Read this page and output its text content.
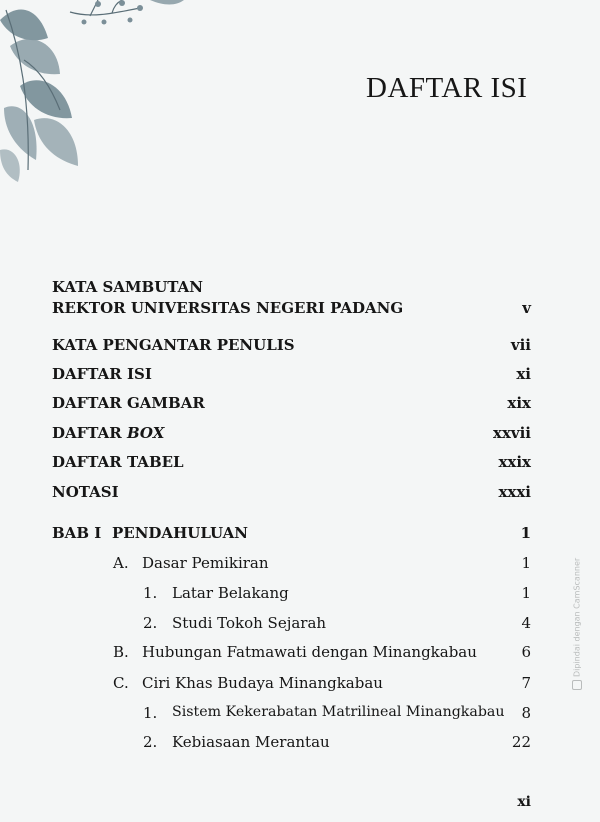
DAFTAR ISI
KATA SAMBUTAN
REKTOR UNIVERSITAS NEGERI PADANG	v
KATA PENGANTAR PENULIS	vii
DAFTAR ISI	xi
DAFTAR GAMBAR	xix
DAFTAR BOX	xxvii
DAFTAR TABEL	xxix
NOTASI	xxxi
BAB I PENDAHULUAN	1
A. Dasar Pemikiran	1
1. Latar Belakang	1
2. Studi Tokoh Sejarah	4
B. Hubungan Fatmawati dengan Minangkabau	6
C. Ciri Khas Budaya Minangkabau	7
1. Sistem Kekerabatan Matrilineal Minangkabau 8
2. Kebiasaan Merantau	22
xi
Dipindai dengan CamScanner
